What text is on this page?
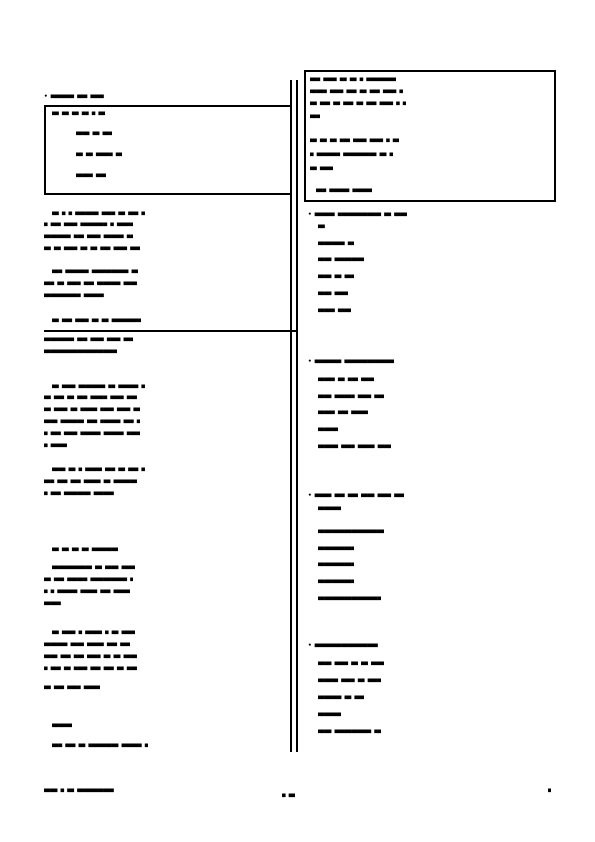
• ■■■■■■■ ■■■ ■■■■
■■ ■■ ■■ ■■ ■ ■■
■■■■ ■■ ■■■
■■ ■■ ■■■■■ ■■
■■■■■ ■■■
■■ ■ ■ ■■■■■■■ ■■■■ ■■ ■■■ ■
■ ■■■ ■■■■ ■■■■■■■■ ■ ■■■■■
■■■■■■■■ ■■■ ■■■■ ■■■■■■ ■■
■■ ■■ ■■■■ ■■ ■■ ■■■ ■■■■ ■■■
■■■ ■■■■■■■ ■■■■■■■■■■■ ■■
■■■ ■■ ■■■■ ■■■ ■■■■■■■ ■■■■
■■■■■■■■■■■ ■■■■■■
■■ ■■■ ■■■■ ■■ ■■ ■■■■■■■■■
■■■■■■■■■ ■■■ ■■■■ ■■■■ ■■■
■■■■■■■■■■■■■■■■■■■■■■
■■ ■■■■ ■■■■■■■■ ■■ ■■■■■■ ■
■■ ■■■ ■■ ■■■ ■■■■■ ■■■■ ■■■
■■ ■■■■ ■■ ■■■■■ ■■■■ ■■■■ ■■
■■■■ ■■■■■■■ ■■■ ■■■■■■ ■■■ ■
■ ■■■ ■■■■ ■■■■■■ ■■■■■■ ■■■■
■ ■■■■■
■■■■ ■■ ■ ■■■■■ ■■■ ■■ ■■■ ■
■■■ ■■■ ■■■ ■■■■■ ■■ ■■■■■■■
■ ■■■ ■■■■■■■■ ■■■■■■
■■ ■■ ■■ ■■ ■■■■■■■■
■■■■■■■■■■■■ ■■ ■■■■ ■■■■
■■ ■■■ ■■■■■■ ■■■■■■■■■■■ ■
■ ■ ■■■■■■ ■■■■■ ■■■ ■■■■■
■■■■■
■■ ■■■■ ■ ■■■■■ ■ ■■ ■■■■
■■■■■■■ ■■■■ ■■■■■ ■■■ ■■■
■■■■ ■■■ ■■■ ■■■■ ■■ ■■ ■■■■
■ ■■■ ■■ ■■■■ ■■■ ■■■ ■■ ■■■
■■ ■■■ ■■■■ ■■■■■
■■■■■■
■■■ ■■■ ■■ ■■■■■■■■■ ■■■■■■ ■
■■■ ■■■■ ■■ ■■ ■ ■■■■■■■■■
■■■■■ ■■■■ ■■■ ■■ ■■■ ■■■■ ■
■■ ■■■ ■■ ■■■ ■■ ■■■ ■■■■ ■ ■
■■■
■■ ■■ ■■ ■■■ ■■■■ ■■■■ ■ ■■
■ ■■■■■■■ ■■■■■■■■■■ ■■ ■
■■ ■■■■
■■■ ■■■■■■ ■■■■■■
• ■■■■■■ ■■■■■■■■■■■■■ ■■ ■■■■
■■
■■■■■■■■ ■■
■■■■ ■■■■■■■■■
■■■■ ■■ ■■■
■■■■ ■■■■
■■■■■ ■■■■
• ■■■■■■■■ ■■■■■■■■■■■■■■■
■■■■■ ■■ ■■■ ■■■■
■■■■ ■■■■■■ ■■■■ ■■■
■■■■■ ■■■ ■■■■■
■■■■■■
■■■■■■ ■■■■ ■■■■■ ■■■■
• ■■■■■ ■■■ ■■■ ■■■■ ■■■■ ■■■
■■■■■■■
■■■■■■■■■■■■■■■■■■■■
■■■■■■■■■■■
■■■■■■■■■■■
■■■■■■■■■■■
■■■■■■■■■■■■■■■■■■■
• ■■■■■■■■■■■■■■■■■■■
■■■■ ■■■■ ■■ ■■ ■■■■
■■■■■■ ■■■■ ■■ ■■■■
■■■■■■■ ■■ ■■■
■■■■■■■
■■■■ ■■■■■■■■■■■ ■■
■■■■ ■ ■■ ■■■■■■■■■■■
■ ■■
■
